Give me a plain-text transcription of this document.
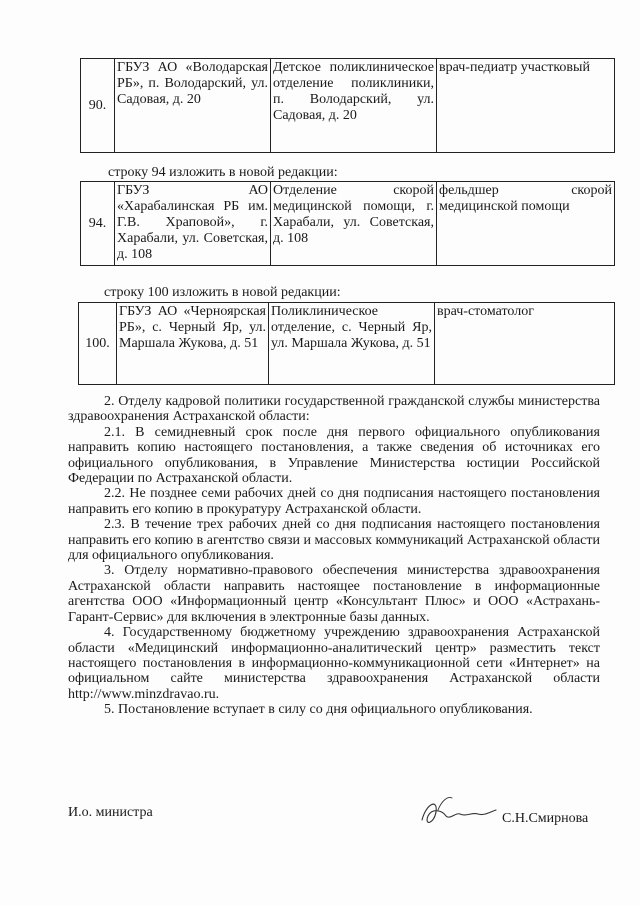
90.	ГБУЗ АО «Володарская РБ», п. Володарский, ул. Садовая, д. 20	Детское поликлиническое отделение поликлиники, п. Володарский, ул. Садовая, д. 20	врач-педиатр участковый
строку 94 изложить в новой редакции:
94.	ГБУЗ АО «Харабалинская РБ им. Г.В. Храповой», г. Харабали, ул. Советская, д. 108	Отделение скорой медицинской помощи, г. Харабали, ул. Советская, д. 108	фельдшер скорой медицинской помощи
строку 100 изложить в новой редакции:
100.	ГБУЗ АО «Черноярская РБ», с. Черный Яр, ул. Маршала Жукова, д. 51	Поликлиническое отделение, с. Черный Яр, ул. Маршала Жукова, д. 51	врач-стоматолог

2. Отделу кадровой политики государственной гражданской службы министерства здравоохранения Астраханской области:

2.1. В семидневный срок после дня первого официального опубликования направить копию настоящего постановления, а также сведения об источниках его официального опубликования, в Управление Министерства юстиции Российской Федерации по Астраханской области.

2.2. Не позднее семи рабочих дней со дня подписания настоящего постановления направить его копию в прокуратуру Астраханской области.

2.3. В течение трех рабочих дней со дня подписания настоящего постановления направить его копию в агентство связи и массовых коммуникаций Астраханской области для официального опубликования.

3. Отделу нормативно-правового обеспечения министерства здравоохранения Астраханской области направить настоящее постановление в информационные агентства ООО «Информационный центр «Консультант Плюс» и ООО «Астрахань-Гарант-Сервис» для включения в электронные базы данных.

4. Государственному бюджетному учреждению здравоохранения Астраханской области «Медицинский информационно-аналитический центр» разместить текст настоящего постановления в информационно-коммуникационной сети «Интернет» на официальном сайте министерства здравоохранения Астраханской области http://www.minzdravao.ru.

5. Постановление вступает в силу со дня официального опубликования.

И.о. министра	С.Н.Смирнова
